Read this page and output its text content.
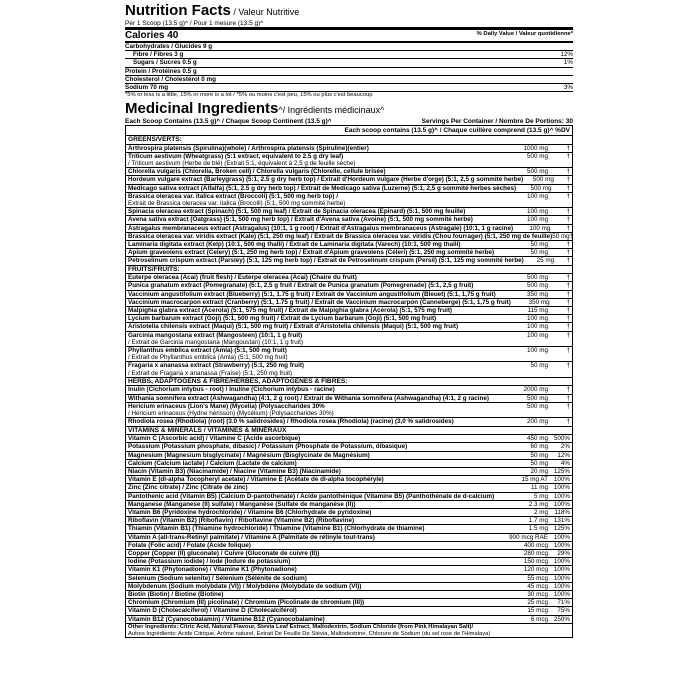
Nutrition Facts / Valeur Nutritive
Per 1 Scoop (13.5 g)^ / Pour 1 mesure (13.5 g)^
Calories 40	% Daily Value / Valeur quotidienne*
Carbohydrates / Glucides 9 g
Fibre / Fibres 3 g	12%
Sugars / Sucres 0.5 g	1%
Protein / Protéines 0.5 g
Cholesterol / Cholestérol 0 mg
Sodium 70 mg	3%
*5% or less is a little, 15% or more is a lot / *5% ou moins c'est peu, 15% ou plus c'est beaucoup
Medicinal Ingredients^/ Ingrédients médicinaux^
Each Scoop Contains (13.5 g)^ / Chaque Scoop Continent (13.5 g)^	Servings Per Container / Nombre De Portions: 30
Each scoop contains (13.5 g)^ / Chaque cuillère comprend (13.5 g)^ %DV
GREENS/VERTS:
Arthrospira platensis (Spirulina)(whole) / Arthrospira platensis (Spiruline)(entier)	1000 mg	†
Triticum aestivum (Wheatgrass) (5:1 extract, equivalent to 2.5 g dry leaf)	500 mg	†
/ Triticum aestivum (Herbe de blé) (Extrait 5:1, équivalent à 2,5 g de feuille sèche)
Chlorella vulgaris (Chlorella, Broken cell) / Chlorella vulgaris (Chlorelle, cellule brisée)	500 mg	†
Hordeum vulgare extract (Barleygrass) (5:1, 2.5 g dry herb top) / Extrait d'Hordeum vulgare (Herbe d'orge) (5:1, 2,5 g sommité herbe)	500 mg	†
Medicago sativa extract (Alfalfa) (5:1, 2.5 g dry herb top) / Extrait de Medicago sativa (Luzerne) (5:1, 2,5 g sommité herbes sèches)	500 mg	†
Brassica oleracea var. italica extract (Broccoli) (5:1, 500 mg herb top) /	100 mg	†
Extrait de Brassica oleracea var. italica (Brocolli) (5:1, 500 mg sommité herbe)
Spinacia oleracea extract (Spinach) (5:1, 500 mg leaf) / Extrait de Spinacia oleracea (Epinard) (5:1, 500 mg feuille)	100 mg	†
Avena sativa extract (Oatgrass) (5:1, 500 mg herb top) / Extrait d'Avena sativa (Avoine) (5:1, 500 mg sommité herbe)	100 mg	†
Astragalus membranaceus extract (Astragalus) (10:1, 1 g root) / Extrait d'Astragalus membranaceus (Astragale) (10:1, 1 g racine)	100 mg	†
Brassica oleracea var. viridis extract (Kale) (5:1, 250 mg leaf) / Extrait de Brassica oleracea var. viridis (Chou fourrager) (5:1, 250 mg de feuille) 50 mg †
Laminaria digitata extract (Kelp) (10:1, 500 mg thalli) / Extrait de Laminaria digitata (Varech) (10:1, 500 mg thalli)	50 mg	†
Apium graveolens extract (Celery) (5:1, 250 mg herb top) / Extrait d'Apium graveolens (Céleri) (5:1, 250 mg sommité herbe)	50 mg	†
Petroselinum crispum extract (Parsley) (5:1, 125 mg herb top) / Extrait de Petroselinum crispum (Persil) (5:1, 125 mg sommité herbe)	25 mg	†
FRUITS/FRUITS:
Euterpe oleracea (Acai) (fruit flesh) / Euterpe oleracea (Acai) (Chaire du fruit)	500 mg	†
Punica granatum extract (Pomegranate) (5:1, 2.5 g fruit / Extrait de Punica granatum (Pomegrenade) (5:1, 2,5 g fruit)	500 mg	†
Vaccinium angustifolium extract (Blueberry) (5:1, 1.75 g fruit) / Extrait de Vaccinium angustifolium (Bleuet) (5:1, 1,75 g fruit)	350 mg	†
Vaccinium macrocarpon extract (Cranberry) (5:1, 1.75 g fruit) / Extrait de Vaccinium macrocarpon (Canneberge) (5:1, 1,75 g fruit)	350 mg	†
Malpighia glabra extract (Acerola) (5:1, 575 mg fruit) / Extrait de Malpighia glabra (Acérola) (5:1, 575 mg fruit)	115 mg	†
Lycium barbarum extract (Goji) (5:1, 500 mg fruit) / Extrait de Lycium barbarum (Goji) (5:1, 500 mg fruit)	100 mg	†
Aristotelia chilensis extract (Maqui) (5:1, 500 mg fruit) / Extrait d'Aristotelia chilensis (Maqui) (5:1, 500 mg fruit)	100 mg	†
Garcinia mangostana extract (Mangosteen) (10:1, 1 g fruit)	100 mg	†
/ Extrait de Garcinia mangostana (Mangoustan) (10:1, 1 g fruit)
Phyllanthus emblica extract (Amla) (5:1, 500 mg fruit)	100 mg	†
/ Extrait de Phyllanthus emblica (Amla) (5:1, 500 mg fruit)
Fragaria x ananassa extract (Strawberry) (5:1, 250 mg fruit)	50 mg	†
/ Extrait de Fragaria x ananassa (Fraise) (5:1, 250 mg fruit)
HERBS, ADAPTOGENS & FIBRE/HERBES, ADAPTOGÈNES & FIBRES:
Inulin (Cichorium intybus - root) / Inuline (Cichorium intybus - racine)	2000 mg	†
Withania somnifera extract (Ashwagandha) (4:1, 2 g root) / Extrait de Withania somnifera (Ashwagandha) (4:1, 2 g racine)	500 mg	†
Hericium erinaceus (Lion's Mane) (Mycelia) (Polysaccharides 30%	500 mg	†
/ Hericium erinaceus (Hydne hérisson) (Mycélium) (Polysaccharides 30%)
Rhodiola rosea (Rhodiola) (root) (3.0 % salidrosides) / Rhodiola rosea (Rhodiola) (racine) (3,0 % salidrosides)	200 mg	†
VITAMINS & MINERALS / VITAMINES & MINÉRAUX
Vitamin C (Ascorbic acid) / Vitamine C (Acide ascorbique)	450 mg 500%
Potassium (Potassium phosphate, dibasic) / Potassium (Phosphate de Potassium, dibasique)	60 mg	2%
Magnesium (Magnesium bisglycinate) / Magnésium (Bisglycinate de Magnésium)	50 mg	12%
Calcium (Calcium lactate) / Calcium (Lactate de calcium)	50 mg	4%
Niacin (Vitamin B3) (Niacinamide) / Niacine (Vitamine B3) (Niacinamide)	20 mg 125%
Vitamin E (dl-alpha Tocopheryl acetate) / Vitamine E (Acétate de dl-alpha tocophéryle)	15 mg AT 100%
Zinc (Zinc citrate) / Zinc (Citrate de zinc)	11 mg 100%
Pantothenic acid (Vitamin B5) (Calcium D-pantothenate) / Acide pantothénique (Vitamine B5) (Panthothénate de d-calcium)	5 mg 100%
Manganese (Manganese (II) sulfate) / Manganèse (Sulfate de manganèse (II))	2.3 mg 100%
Vitamin B6 (Pyridoxine hydrochloride) / Vitamine B6 (Chlorhydrate de pyridoxine)	2 mg	118%
Riboflavin (Vitamin B2) (Riboflavin) / Riboflavine (Vitamine B2) (Riboflavine)	1.7 mg 131%
Thiamin (Vitamin B1) (Thiamine hydrochloride) / Thiamine (Vitamine B1) (Chlorhydrate de thiamine)	1.5 mg 125%
Vitamin A (all-trans-Retinyl palmitate) / Vitamine A (Palmitate de rétinyle tout-trans)	900 mcg RAE 100%
Folate (Folic acid) / Folate (Acide folique)	400 mcg 100%
Copper (Copper (II) gluconate) / Cuivre (Gluconate de cuivre (II))	280 mcg	29%
Iodine (Potassium iodide) / Iode (Iodure de potassium)	150 mcg 100%
Vitamin K1 (Phytonadione) / Vitamine K1 (Phytonadione)	120 mcg 100%
Selenium (Sodium selenite) / Sélénium (Sélénite de sodium)	55 mcg 100%
Molybdenum (Sodium molybdate (VI)) / Molybdène (Molybdate de sodium (VI))	45 mcg 100%
Biotin (Biotin) / Biotine (Biotine)	30 mcg 100%
Chromium (Chromium (III) picolinate) / Chromium (Picolinate de chromium (III))	25 mcg	71%
Vitamin D (Cholecalciferol) / Vitamine D (Cholécalciférol)	15 mcg	75%
Vitamin B12 (Cyanocobalamin) / Vitamine B12 (Cyanocobalamine)	6 mcg 250%
Other Ingredients: Citric Acid, Natural Flavour, Stevia Leaf Extract, Maltodextrin, Sodium Chloride (from Pink Himalayan Salt)/
Autres Ingrédients: Acide Citrique, Arôme naturel, Extrait De Feuille De Stévia, Maltodextrine, Chlorure de Sodium (du sel rose de l'Himalaya)
